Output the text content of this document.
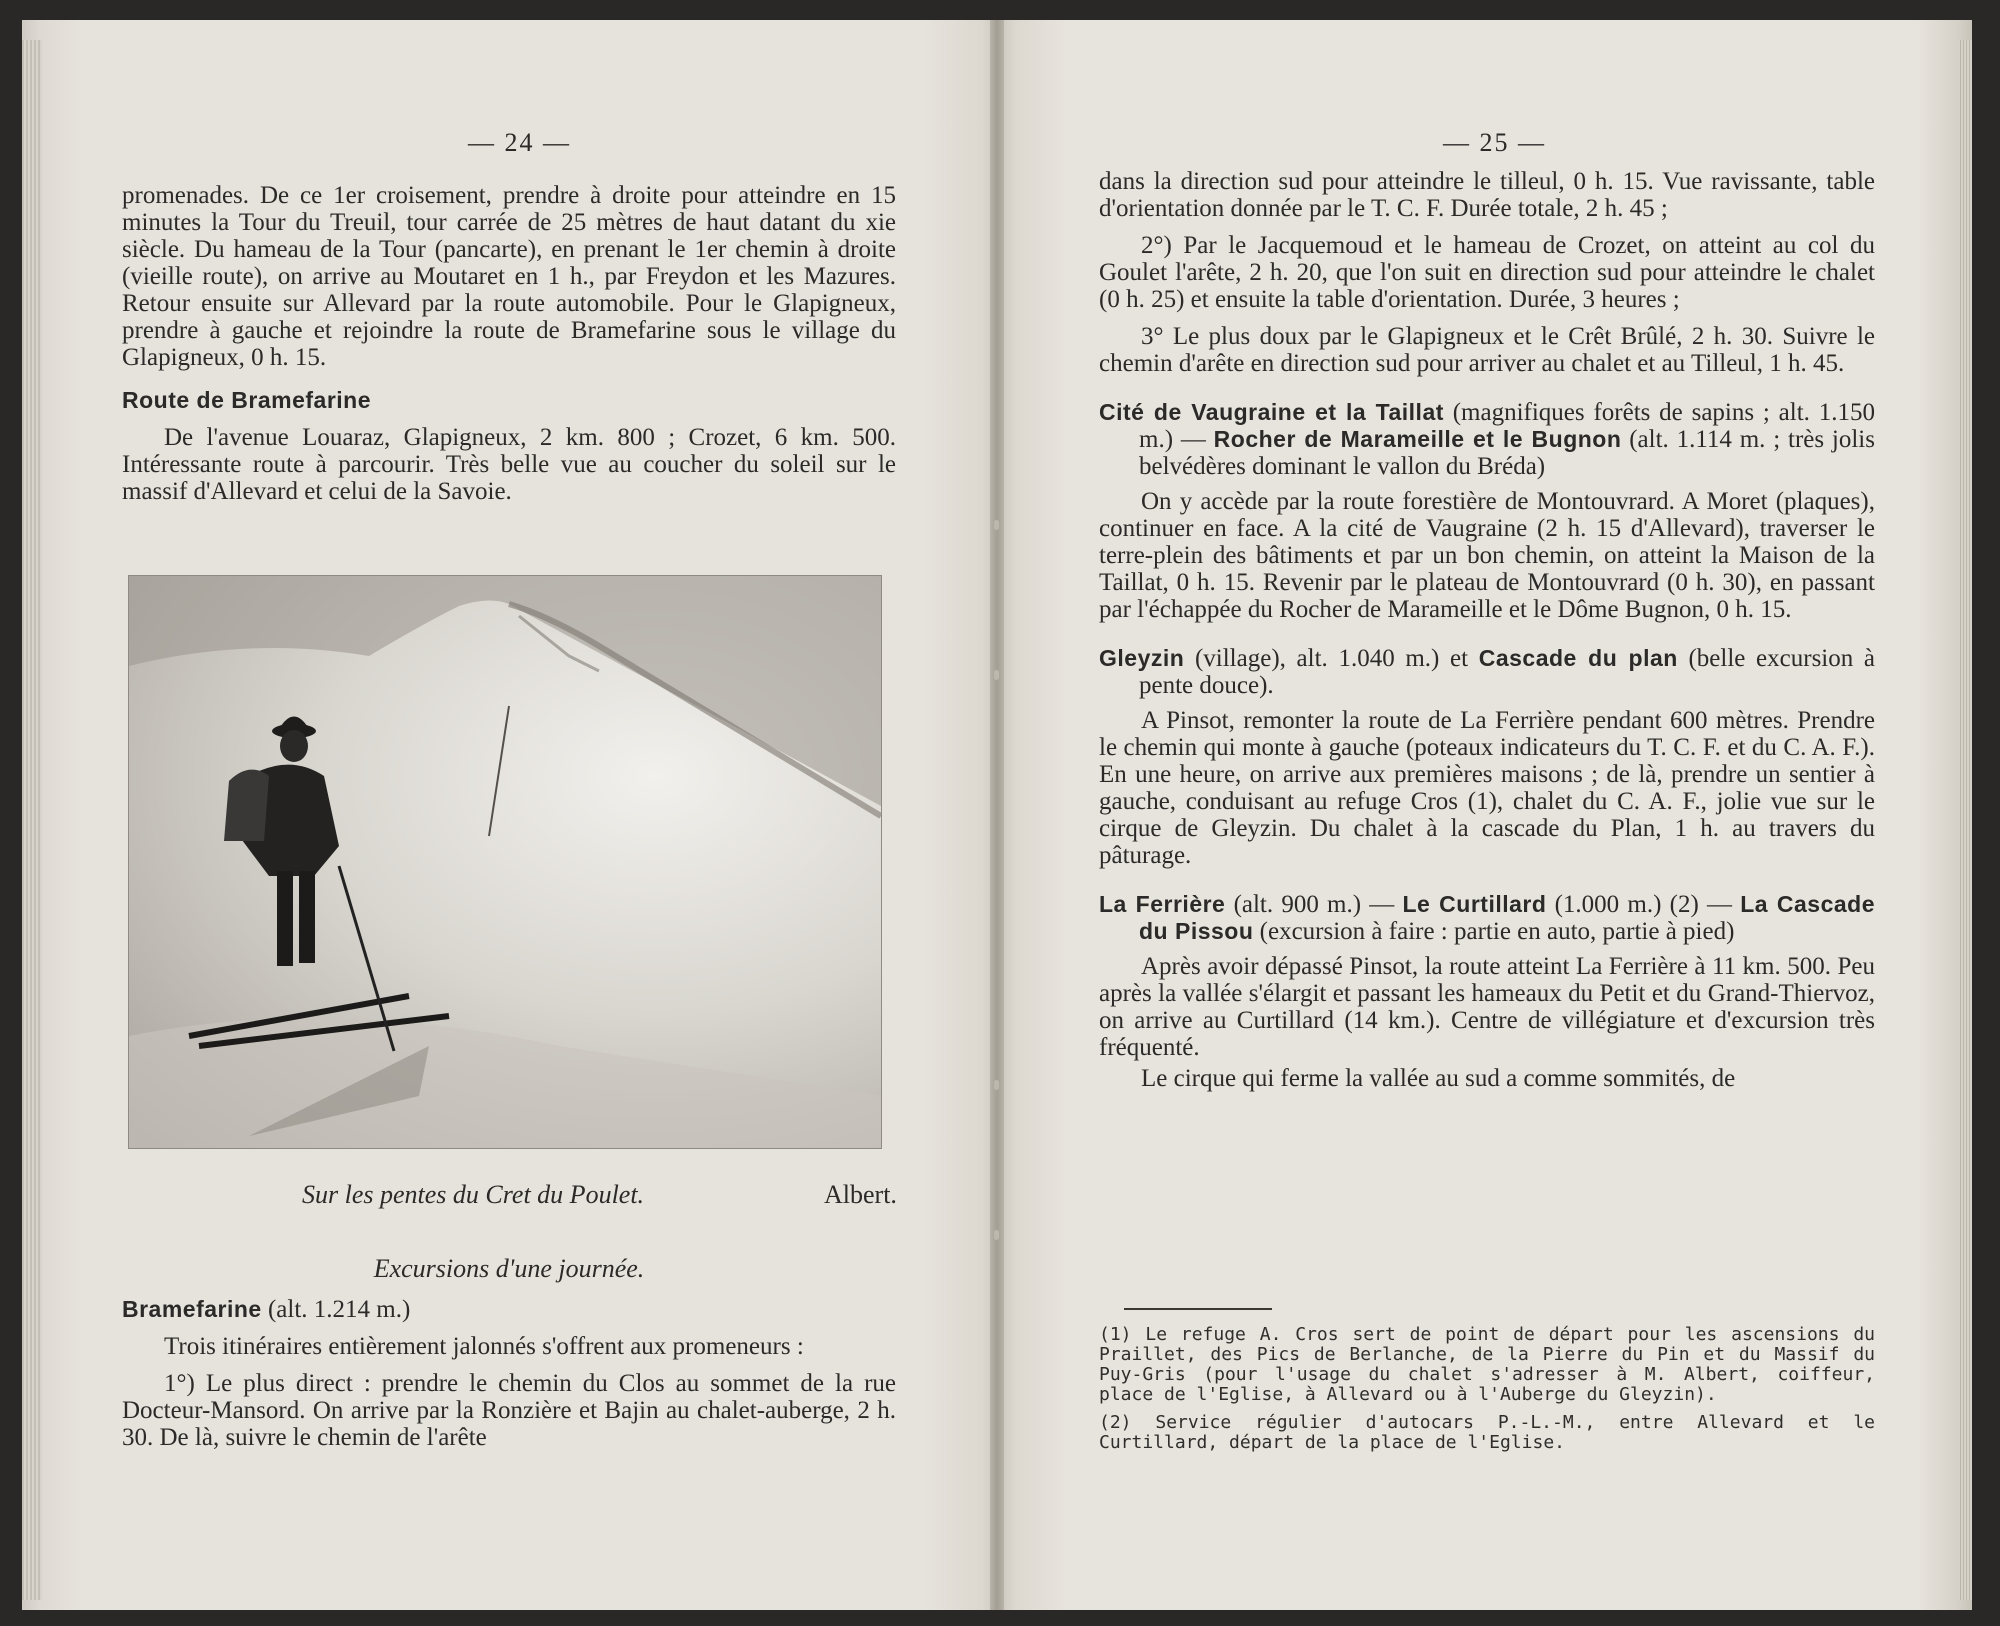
— 24 —

promenades. De ce 1er croisement, prendre à droite pour atteindre en 15 minutes la Tour du Treuil, tour carrée de 25 mètres de haut datant du xie siècle. Du hameau de la Tour (pancarte), en prenant le 1er chemin à droite (vieille route), on arrive au Moutaret en 1 h., par Freydon et les Mazures. Retour ensuite sur Allevard par la route automobile. Pour le Glapigneux, prendre à gauche et rejoindre la route de Bramefarine sous le village du Glapigneux, 0 h. 15.

Route de Bramefarine

De l'avenue Louaraz, Glapigneux, 2 km. 800 ; Crozet, 6 km. 500. Intéressante route à parcourir. Très belle vue au coucher du soleil sur le massif d'Allevard et celui de la Savoie.

Sur les pentes du Cret du Poulet.	Albert.
Excursions d'une journée.

Bramefarine (alt. 1.214 m.)

Trois itinéraires entièrement jalonnés s'offrent aux promeneurs :

1°) Le plus direct : prendre le chemin du Clos au sommet de la rue Docteur-Mansord. On arrive par la Ronzière et Bajin au chalet-auberge, 2 h. 30. De là, suivre le chemin de l'arête

— 25 —

dans la direction sud pour atteindre le tilleul, 0 h. 15. Vue ravissante, table d'orientation donnée par le T. C. F. Durée totale, 2 h. 45 ;

2°) Par le Jacquemoud et le hameau de Crozet, on atteint au col du Goulet l'arête, 2 h. 20, que l'on suit en direction sud pour atteindre le chalet (0 h. 25) et ensuite la table d'orientation. Durée, 3 heures ;

3° Le plus doux par le Glapigneux et le Crêt Brûlé, 2 h. 30. Suivre le chemin d'arête en direction sud pour arriver au chalet et au Tilleul, 1 h. 45.

Cité de Vaugraine et la Taillat (magnifiques forêts de sapins ; alt. 1.150 m.) — Rocher de Marameille et le Bugnon (alt. 1.114 m. ; très jolis belvédères dominant le vallon du Bréda)

On y accède par la route forestière de Montouvrard. A Moret (plaques), continuer en face. A la cité de Vaugraine (2 h. 15 d'Allevard), traverser le terre-plein des bâtiments et par un bon chemin, on atteint la Maison de la Taillat, 0 h. 15. Revenir par le plateau de Montouvrard (0 h. 30), en passant par l'échappée du Rocher de Marameille et le Dôme Bugnon, 0 h. 15.

Gleyzin (village), alt. 1.040 m.) et Cascade du plan (belle excursion à pente douce).

A Pinsot, remonter la route de La Ferrière pendant 600 mètres. Prendre le chemin qui monte à gauche (poteaux indicateurs du T. C. F. et du C. A. F.). En une heure, on arrive aux premières maisons ; de là, prendre un sentier à gauche, conduisant au refuge Cros (1), chalet du C. A. F., jolie vue sur le cirque de Gleyzin. Du chalet à la cascade du Plan, 1 h. au travers du pâturage.

La Ferrière (alt. 900 m.) — Le Curtillard (1.000 m.) (2) — La Cascade du Pissou (excursion à faire : partie en auto, partie à pied)

Après avoir dépassé Pinsot, la route atteint La Ferrière à 11 km. 500. Peu après la vallée s'élargit et passant les hameaux du Petit et du Grand-Thiervoz, on arrive au Curtillard (14 km.). Centre de villégiature et d'excursion très fréquenté.

Le cirque qui ferme la vallée au sud a comme sommités, de

(1) Le refuge A. Cros sert de point de départ pour les ascensions du Praillet, des Pics de Berlanche, de la Pierre du Pin et du Massif du Puy-Gris (pour l'usage du chalet s'adresser à M. Albert, coiffeur, place de l'Eglise, à Allevard ou à l'Auberge du Gleyzin).

(2) Service régulier d'autocars P.-L.-M., entre Allevard et le Curtillard, départ de la place de l'Eglise.
